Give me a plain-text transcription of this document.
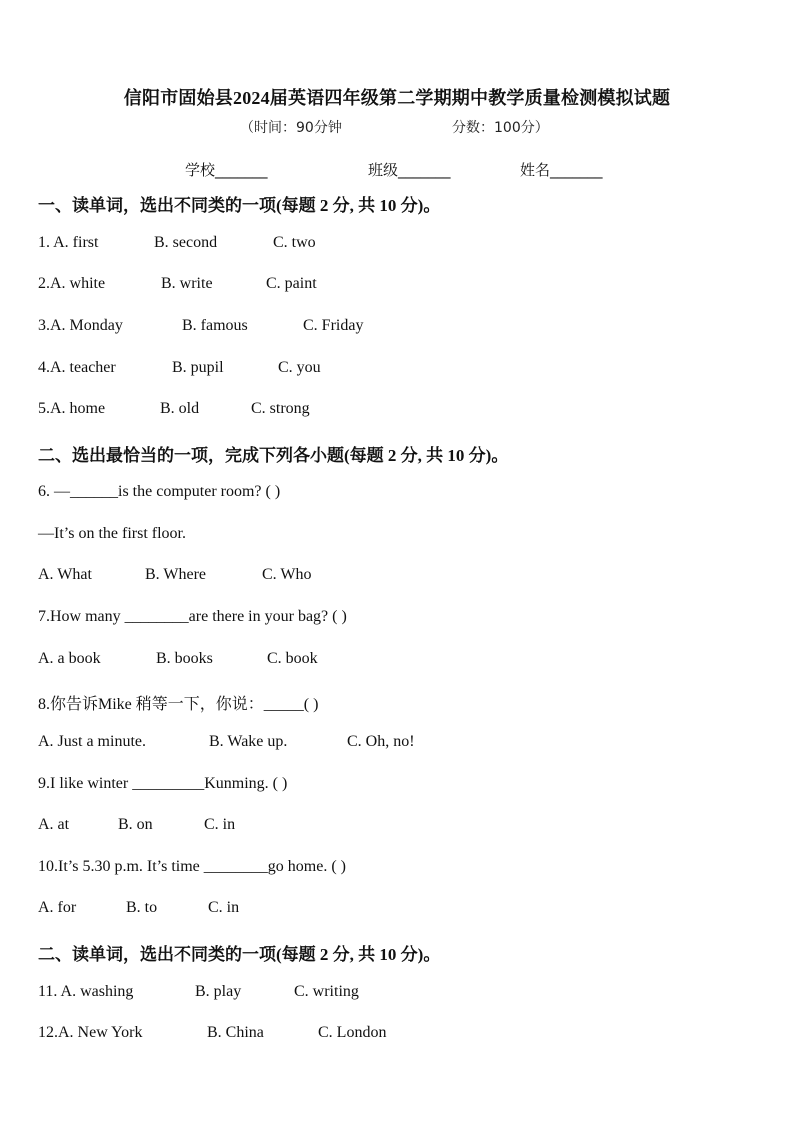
信阳市固始县2024届英语四年级第二学期期中教学质量检测模拟试题
（时间：90分钟	分数：100分）
学校_______	班级_______	姓名_______
一、读单词，选出不同类的一项(每题 2 分, 共 10 分)。
1. A. first	B. second	C. two
2.A. white	B. write	C. paint
3.A. Monday	B. famous	C. Friday
4.A. teacher	B. pupil	C. you
5.A. home	B. old	C. strong
二、选出最恰当的一项，完成下列各小题(每题 2 分, 共 10 分)。
6. —______is the computer room? ( )
—It’s on the first floor.
A. What	B. Where	C. Who
7.How many ________are there in your bag? ( )
A. a book	B. books	C. book
8.你告诉Mike 稍等一下，你说：_____( )
A. Just a minute.	B. Wake up.	C. Oh, no!
9.I like winter _________Kunming. ( )
A. at	B. on	C. in
10.It’s 5.30 p.m. It’s time ________go home. ( )
A. for	B. to	C. in
二、读单词，选出不同类的一项(每题 2 分, 共 10 分)。
11. A. washing	B. play	C. writing
12.A. New York	B. China	C. London
